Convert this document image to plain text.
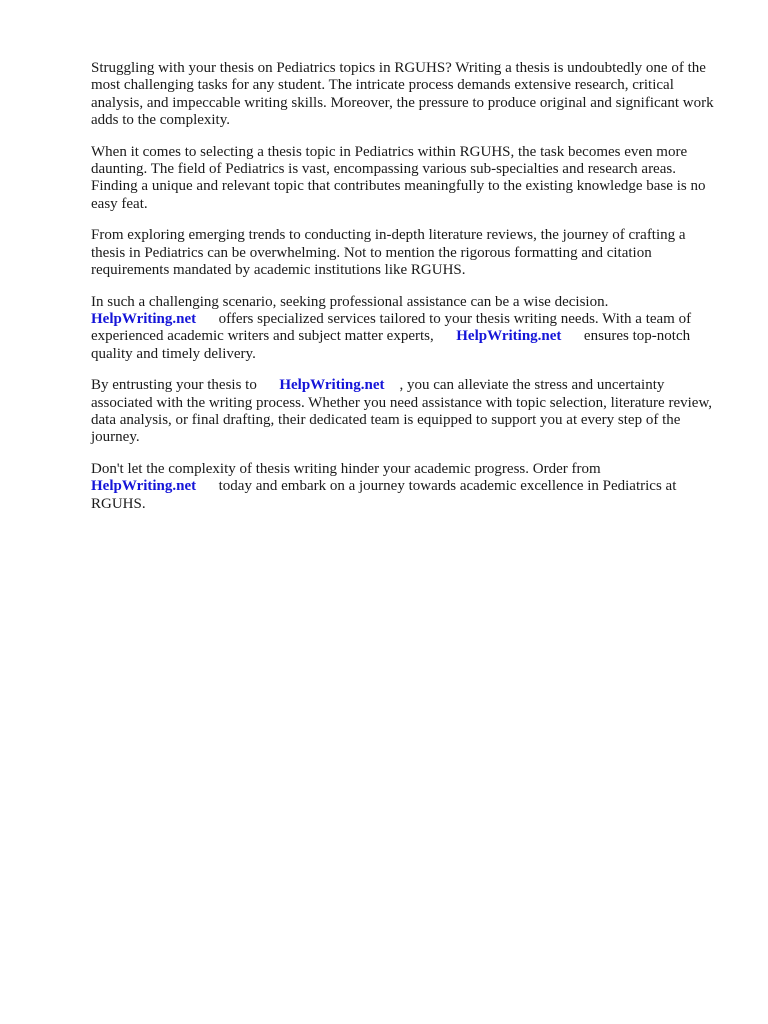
Struggling with your thesis on Pediatrics topics in RGUHS? Writing a thesis is undoubtedly one of the most challenging tasks for any student. The intricate process demands extensive research, critical analysis, and impeccable writing skills. Moreover, the pressure to produce original and significant work adds to the complexity.

When it comes to selecting a thesis topic in Pediatrics within RGUHS, the task becomes even more daunting. The field of Pediatrics is vast, encompassing various sub-specialties and research areas. Finding a unique and relevant topic that contributes meaningfully to the existing knowledge base is no easy feat.

From exploring emerging trends to conducting in-depth literature reviews, the journey of crafting a thesis in Pediatrics can be overwhelming. Not to mention the rigorous formatting and citation requirements mandated by academic institutions like RGUHS.

In such a challenging scenario, seeking professional assistance can be a wise decision.
HelpWriting.net offers specialized services tailored to your thesis writing needs. With a team of experienced academic writers and subject matter experts, HelpWriting.net ensures top-notch quality and timely delivery.

By entrusting your thesis to HelpWriting.net , you can alleviate the stress and uncertainty associated with the writing process. Whether you need assistance with topic selection, literature review, data analysis, or final drafting, their dedicated team is equipped to support you at every step of the journey.

Don't let the complexity of thesis writing hinder your academic progress. Order from
HelpWriting.net today and embark on a journey towards academic excellence in Pediatrics at RGUHS.
